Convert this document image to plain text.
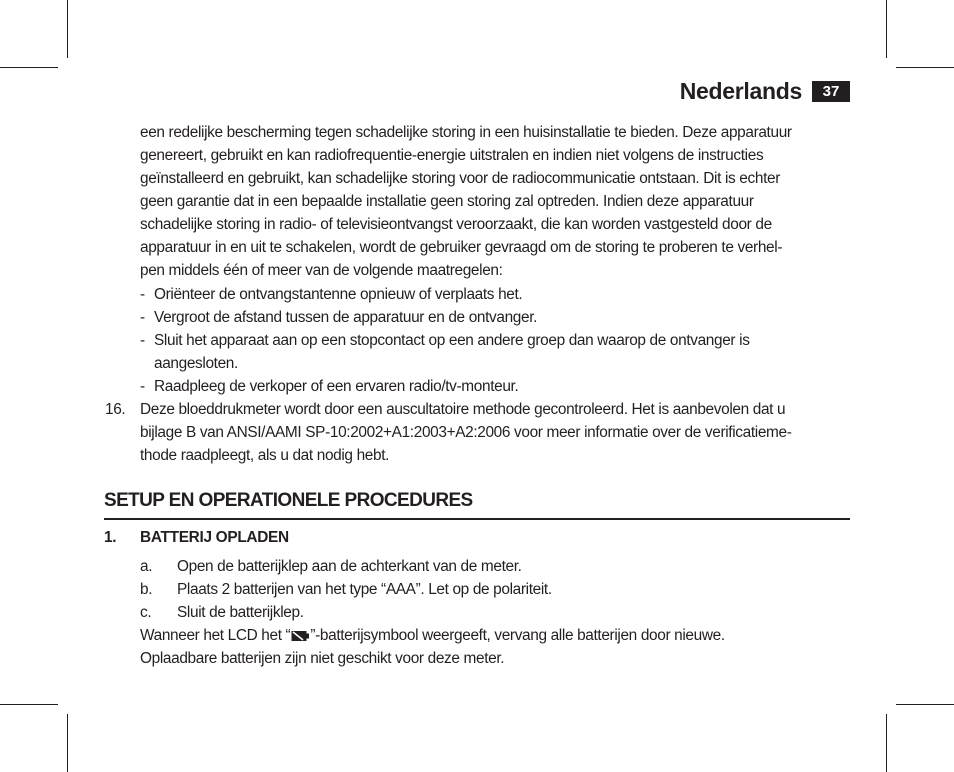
Nederlands	37
een redelijke bescherming tegen schadelijke storing in een huisinstallatie te bieden. Deze apparatuur
genereert, gebruikt en kan radiofrequentie-energie uitstralen en indien niet volgens de instructies
geïnstalleerd en gebruikt, kan schadelijke storing voor de radiocommunicatie ontstaan. Dit is echter
geen garantie dat in een bepaalde installatie geen storing zal optreden. Indien deze apparatuur
schadelijke storing in radio- of televisieontvangst veroorzaakt, die kan worden vastgesteld door de
apparatuur in en uit te schakelen, wordt de gebruiker gevraagd om de storing te proberen te verhel-
pen middels één of meer van de volgende maatregelen:
- Oriënteer de ontvangstantenne opnieuw of verplaats het.
- Vergroot de afstand tussen de apparatuur en de ontvanger.
- Sluit het apparaat aan op een stopcontact op een andere groep dan waarop de ontvanger is
aangesloten.
- Raadpleeg de verkoper of een ervaren radio/tv-monteur.
16. Deze bloeddrukmeter wordt door een auscultatoire methode gecontroleerd. Het is aanbevolen dat u
bijlage B van ANSI/AAMI SP-10:2002+A1:2003+A2:2006 voor meer informatie over de verificatieme-
thode raadpleegt, als u dat nodig hebt.
SETUP EN OPERATIONELE PROCEDURES
1. BATTERIJ OPLADEN
a. Open de batterijklep aan de achterkant van de meter.
b. Plaats 2 batterijen van het type “AAA”. Let op de polariteit.
c. Sluit de batterijklep.
Wanneer het LCD het “ ”-batterijsymbool weergeeft, vervang alle batterijen door nieuwe.
Oplaadbare batterijen zijn niet geschikt voor deze meter.
